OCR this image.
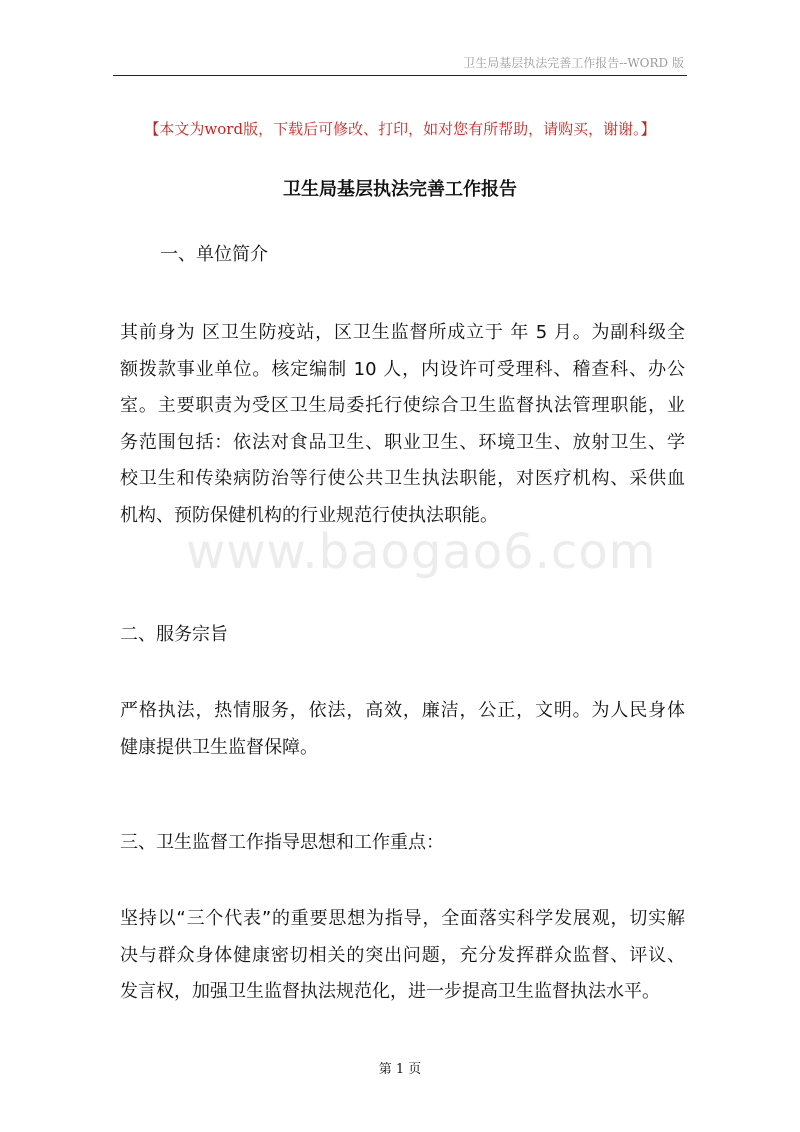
www.baogao6.com
卫生局基层执法完善工作报告--WORD 版
【本文为word版，下载后可修改、打印，如对您有所帮助，请购买，谢谢。】
卫生局基层执法完善工作报告
一、单位简介
其前身为 区卫生防疫站，区卫生监督所成立于 年 5 月。为副科级全
额拨款事业单位。核定编制 10 人，内设许可受理科、稽查科、办公
室。主要职责为受区卫生局委托行使综合卫生监督执法管理职能，业
务范围包括：依法对食品卫生、职业卫生、环境卫生、放射卫生、学
校卫生和传染病防治等行使公共卫生执法职能，对医疗机构、采供血
机构、预防保健机构的行业规范行使执法职能。
二、服务宗旨
严格执法，热情服务，依法，高效，廉洁，公正，文明。为人民身体
健康提供卫生监督保障。
三、卫生监督工作指导思想和工作重点：
坚持以“三个代表”的重要思想为指导，全面落实科学发展观，切实解
决与群众身体健康密切相关的突出问题，充分发挥群众监督、评议、
发言权，加强卫生监督执法规范化，进一步提高卫生监督执法水平。
第 1 页
